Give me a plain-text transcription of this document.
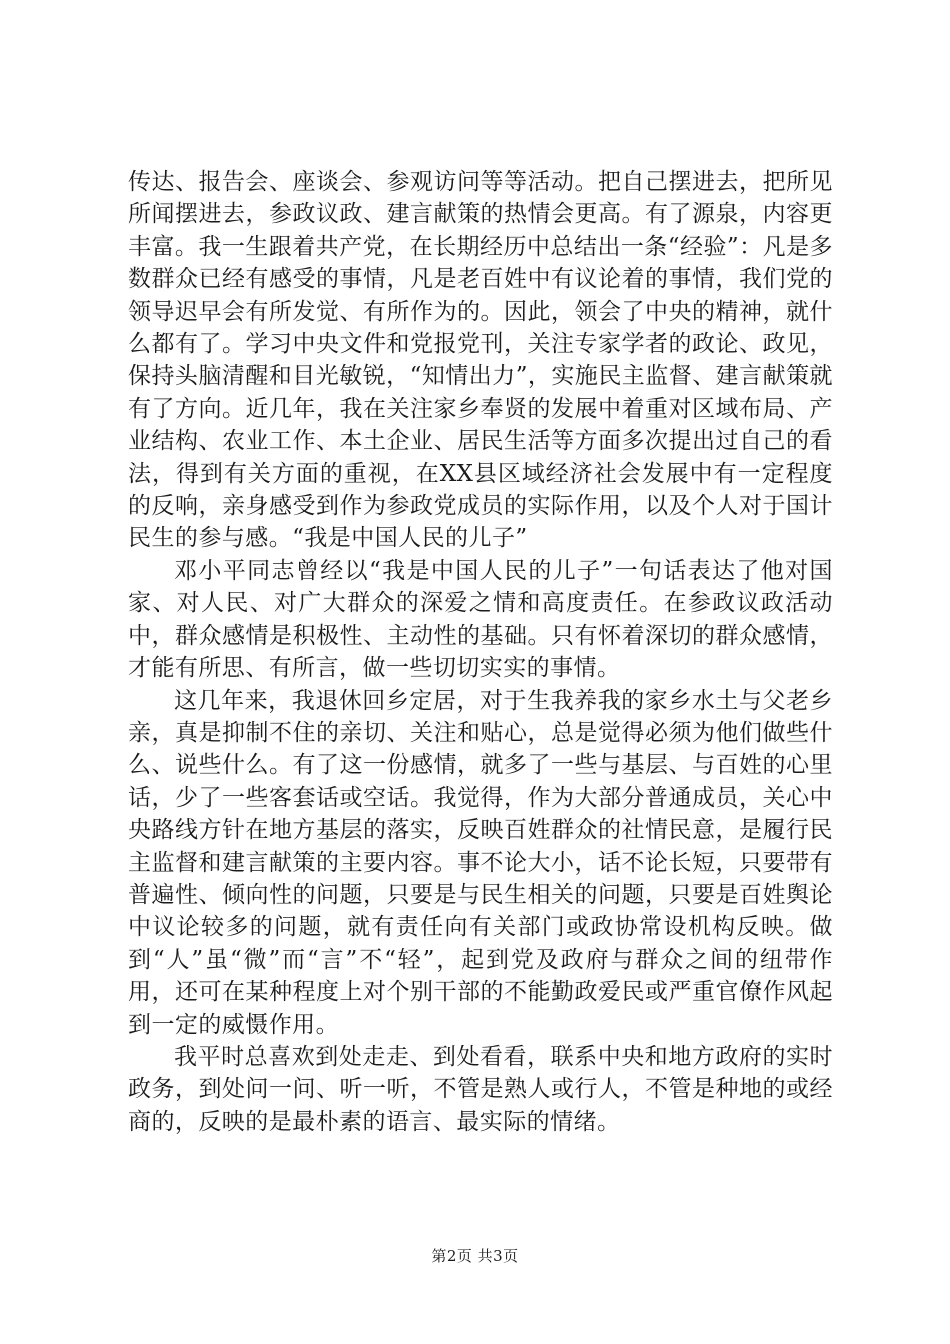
传达、报告会、座谈会、参观访问等等活动。把自己摆进去，把所见所闻摆进去，参政议政、建言献策的热情会更高。有了源泉，内容更丰富。我一生跟着共产党，在长期经历中总结出一条“经验”：凡是多数群众已经有感受的事情，凡是老百姓中有议论着的事情，我们党的领导迟早会有所发觉、有所作为的。因此，领会了中央的精神，就什么都有了。学习中央文件和党报党刊，关注专家学者的政论、政见，保持头脑清醒和目光敏锐，“知情出力”，实施民主监督、建言献策就有了方向。近几年，我在关注家乡奉贤的发展中着重对区域布局、产业结构、农业工作、本土企业、居民生活等方面多次提出过自己的看法，得到有关方面的重视，在XX县区域经济社会发展中有一定程度的反响，亲身感受到作为参政党成员的实际作用，以及个人对于国计民生的参与感。“我是中国人民的儿子”

邓小平同志曾经以“我是中国人民的儿子”一句话表达了他对国家、对人民、对广大群众的深爱之情和高度责任。在参政议政活动中，群众感情是积极性、主动性的基础。只有怀着深切的群众感情，才能有所思、有所言，做一些切切实实的事情。

这几年来，我退休回乡定居，对于生我养我的家乡水土与父老乡亲，真是抑制不住的亲切、关注和贴心，总是觉得必须为他们做些什么、说些什么。有了这一份感情，就多了一些与基层、与百姓的心里话，少了一些客套话或空话。我觉得，作为大部分普通成员，关心中央路线方针在地方基层的落实，反映百姓群众的社情民意，是履行民主监督和建言献策的主要内容。事不论大小，话不论长短，只要带有普遍性、倾向性的问题，只要是与民生相关的问题，只要是百姓舆论中议论较多的问题，就有责任向有关部门或政协常设机构反映。做到“人”虽“微”而“言”不“轻”，起到党及政府与群众之间的纽带作用，还可在某种程度上对个别干部的不能勤政爱民或严重官僚作风起到一定的威慑作用。

我平时总喜欢到处走走、到处看看，联系中央和地方政府的实时政务，到处问一问、听一听，不管是熟人或行人，不管是种地的或经商的，反映的是最朴素的语言、最实际的情绪。

第2页 共3页
